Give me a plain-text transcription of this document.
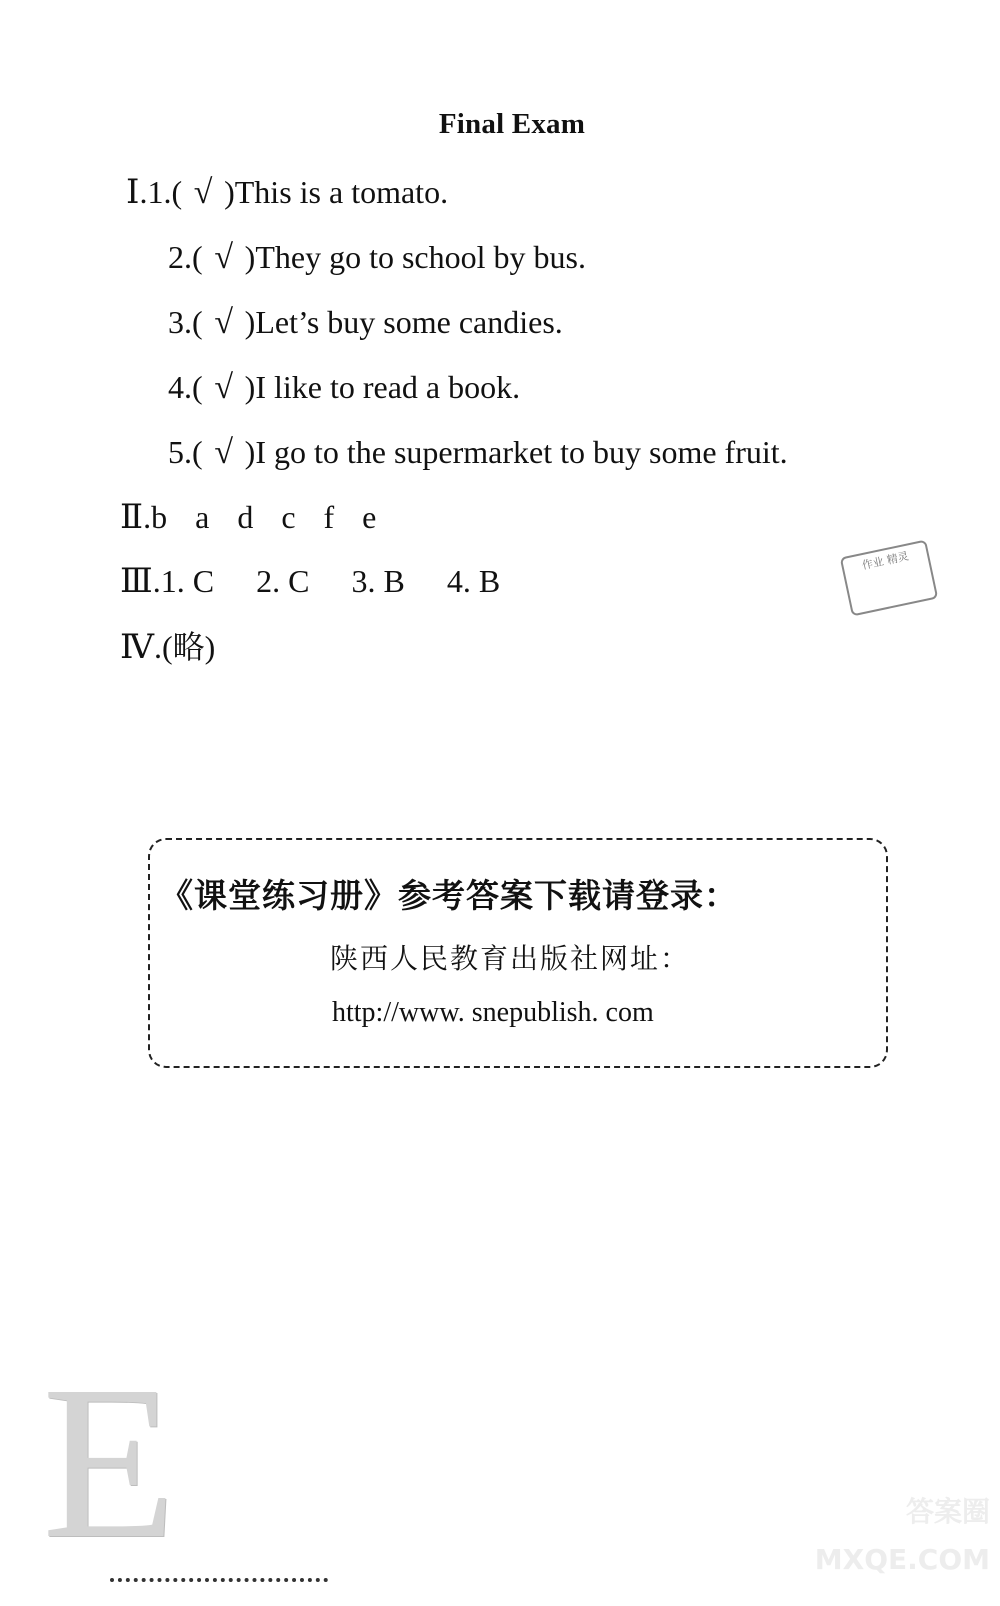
Final Exam
Ⅰ.1.( √ )This is a tomato.
2.( √ )They go to school by bus.
3.( √ )Let’s buy some candies.
4.( √ )I like to read a book.
5.( √ )I go to the supermarket to buy some fruit.
Ⅱ.b a d c f e
Ⅲ.1. C 2. C 3. B 4. B
Ⅳ.(略)
作业 精灵
《课堂练习册》参考答案下载请登录：
陕西人民教育出版社网址：
http://www. snepublish. com
E	答案圈 MXQE.COM
